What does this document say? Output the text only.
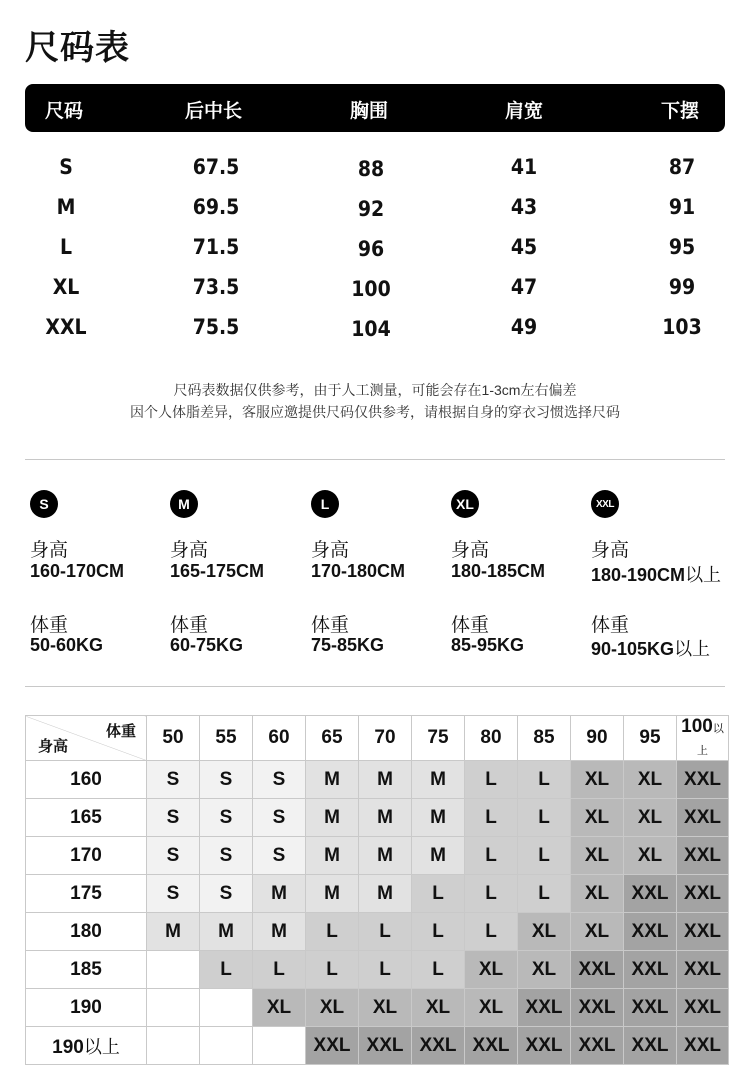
尺码表
尺码	后中长	胸围	肩宽	下摆
S	67.5	88	41	87
M	69.5	92	43	91
L	71.5	96	45	95
XL	73.5	100	47	99
XXL	75.5	104	49	103
尺码表数据仅供参考，由于人工测量，可能会存在1-3cm左右偏差
因个人体脂差异，客服应邀提供尺码仅供参考，请根据自身的穿衣习惯选择尺码
S
身高
160-170CM
体重
50-60KG
M
身高
165-175CM
体重
60-75KG
L
身高
170-180CM
体重
75-85KG
XL
身高
180-185CM
体重
85-95KG
XXL
身高
180-190CM以上
体重
90-105KG以上
体重
身高	50	55	60	65	70	75	80	85	90	95	100以上
160	S	S	S	M	M	M	L	L	XL	XL	XXL
165	S	S	S	M	M	M	L	L	XL	XL	XXL
170	S	S	S	M	M	M	L	L	XL	XL	XXL
175	S	S	M	M	M	L	L	L	XL	XXL	XXL
180	M	M	M	L	L	L	L	XL	XL	XXL	XXL
185		L	L	L	L	L	XL	XL	XXL	XXL	XXL
190			XL	XL	XL	XL	XL	XXL	XXL	XXL	XXL
190以上				XXL	XXL	XXL	XXL	XXL	XXL	XXL	XXL
